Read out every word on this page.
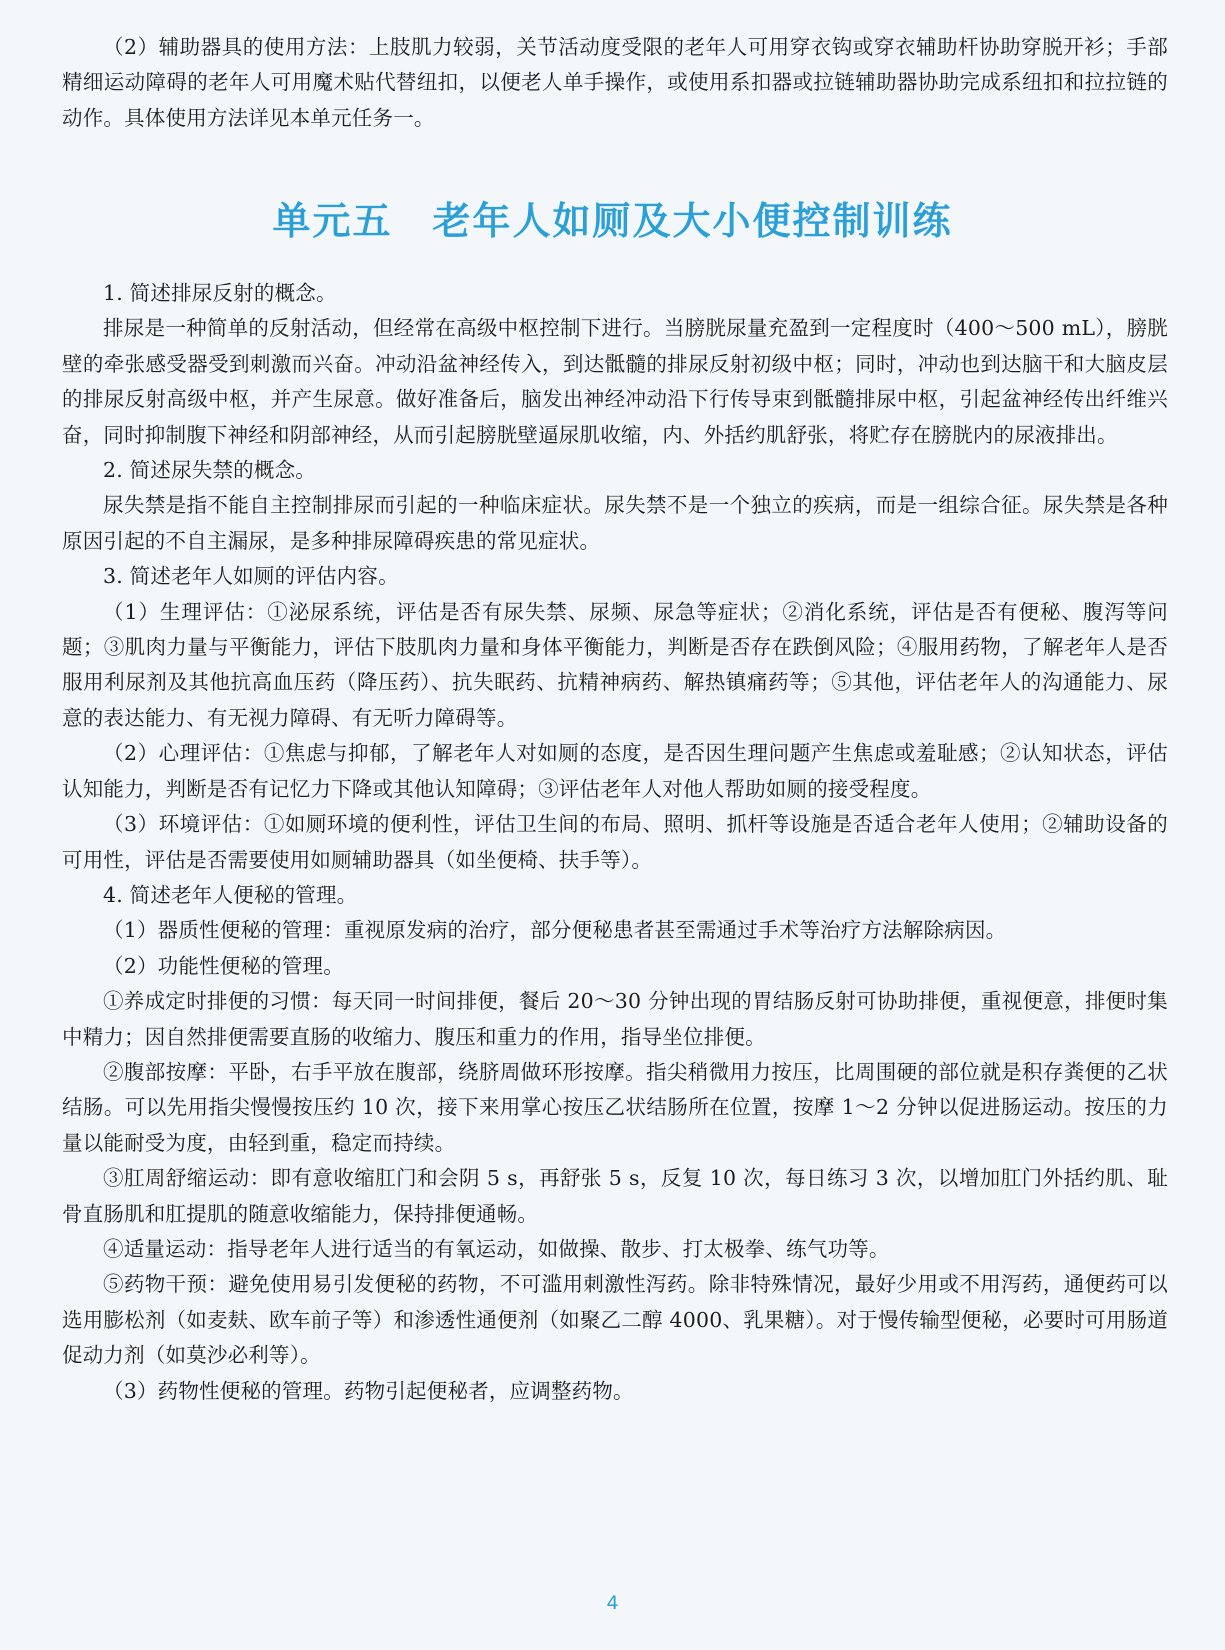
（2）辅助器具的使用方法：上肢肌力较弱，关节活动度受限的老年人可用穿衣钩或穿衣辅助杆协助穿脱开衫；手部精细运动障碍的老年人可用魔术贴代替纽扣，以便老人单手操作，或使用系扣器或拉链辅助器协助完成系纽扣和拉拉链的动作。具体使用方法详见本单元任务一。

单元五　老年人如厕及大小便控制训练

1. 简述排尿反射的概念。

排尿是一种简单的反射活动，但经常在高级中枢控制下进行。当膀胱尿量充盈到一定程度时（400～500 mL），膀胱壁的牵张感受器受到刺激而兴奋。冲动沿盆神经传入，到达骶髓的排尿反射初级中枢；同时，冲动也到达脑干和大脑皮层的排尿反射高级中枢，并产生尿意。做好准备后，脑发出神经冲动沿下行传导束到骶髓排尿中枢，引起盆神经传出纤维兴奋，同时抑制腹下神经和阴部神经，从而引起膀胱壁逼尿肌收缩，内、外括约肌舒张，将贮存在膀胱内的尿液排出。

2. 简述尿失禁的概念。

尿失禁是指不能自主控制排尿而引起的一种临床症状。尿失禁不是一个独立的疾病，而是一组综合征。尿失禁是各种原因引起的不自主漏尿，是多种排尿障碍疾患的常见症状。

3. 简述老年人如厕的评估内容。

（1）生理评估：①泌尿系统，评估是否有尿失禁、尿频、尿急等症状；②消化系统，评估是否有便秘、腹泻等问题；③肌肉力量与平衡能力，评估下肢肌肉力量和身体平衡能力，判断是否存在跌倒风险；④服用药物，了解老年人是否服用利尿剂及其他抗高血压药（降压药）、抗失眠药、抗精神病药、解热镇痛药等；⑤其他，评估老年人的沟通能力、尿意的表达能力、有无视力障碍、有无听力障碍等。

（2）心理评估：①焦虑与抑郁，了解老年人对如厕的态度，是否因生理问题产生焦虑或羞耻感；②认知状态，评估认知能力，判断是否有记忆力下降或其他认知障碍；③评估老年人对他人帮助如厕的接受程度。

（3）环境评估：①如厕环境的便利性，评估卫生间的布局、照明、抓杆等设施是否适合老年人使用；②辅助设备的可用性，评估是否需要使用如厕辅助器具（如坐便椅、扶手等）。

4. 简述老年人便秘的管理。

（1）器质性便秘的管理：重视原发病的治疗，部分便秘患者甚至需通过手术等治疗方法解除病因。

（2）功能性便秘的管理。

①养成定时排便的习惯：每天同一时间排便，餐后 20～30 分钟出现的胃结肠反射可协助排便，重视便意，排便时集中精力；因自然排便需要直肠的收缩力、腹压和重力的作用，指导坐位排便。

②腹部按摩：平卧，右手平放在腹部，绕脐周做环形按摩。指尖稍微用力按压，比周围硬的部位就是积存粪便的乙状结肠。可以先用指尖慢慢按压约 10 次，接下来用掌心按压乙状结肠所在位置，按摩 1～2 分钟以促进肠运动。按压的力量以能耐受为度，由轻到重，稳定而持续。

③肛周舒缩运动：即有意收缩肛门和会阴 5 s，再舒张 5 s，反复 10 次，每日练习 3 次，以增加肛门外括约肌、耻骨直肠肌和肛提肌的随意收缩能力，保持排便通畅。

④适量运动：指导老年人进行适当的有氧运动，如做操、散步、打太极拳、练气功等。

⑤药物干预：避免使用易引发便秘的药物，不可滥用刺激性泻药。除非特殊情况，最好少用或不用泻药，通便药可以选用膨松剂（如麦麸、欧车前子等）和渗透性通便剂（如聚乙二醇 4000、乳果糖）。对于慢传输型便秘，必要时可用肠道促动力剂（如莫沙必利等）。

（3）药物性便秘的管理。药物引起便秘者，应调整药物。

4
